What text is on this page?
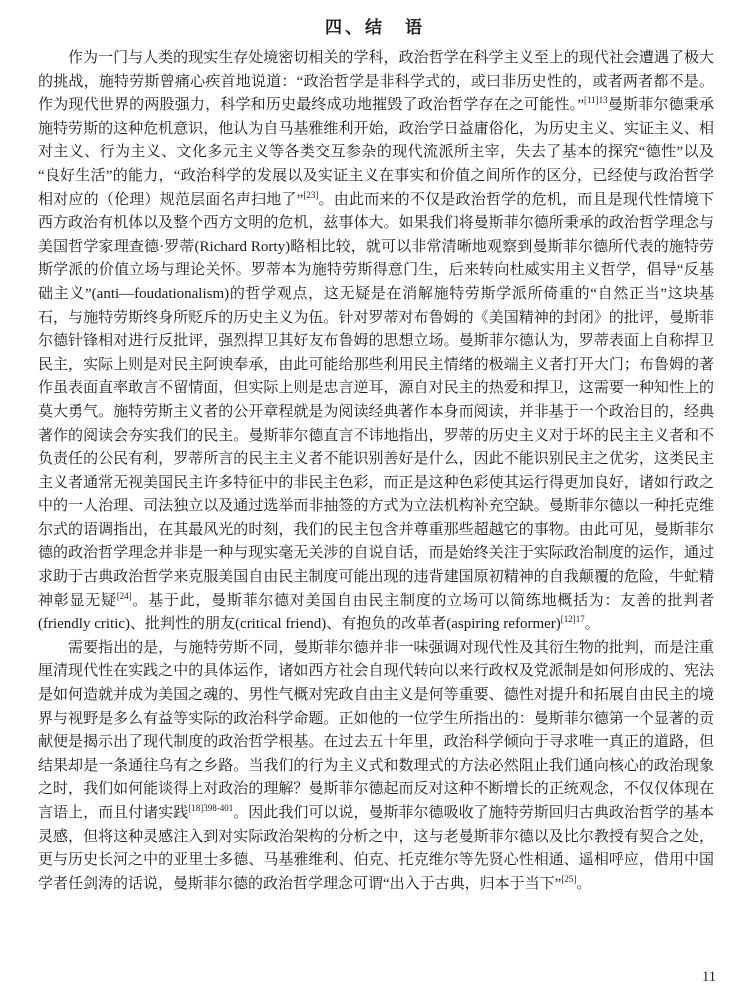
四、结　语

作为一门与人类的现实生存处境密切相关的学科，政治哲学在科学主义至上的现代社会遭遇了极大的挑战，施特劳斯曾痛心疾首地说道：“政治哲学是非科学式的，或曰非历史性的，或者两者都不是。作为现代世界的两股强力，科学和历史最终成功地摧毁了政治哲学存在之可能性。”$^{[11]13}$曼斯菲尔德秉承施特劳斯的这种危机意识，他认为自马基雅维利开始，政治学日益庸俗化，为历史主义、实证主义、相对主义、行为主义、文化多元主义等各类交互参杂的现代流派所主宰，失去了基本的探究“德性”以及“良好生活”的能力，“政治科学的发展以及实证主义在事实和价值之间所作的区分，已经使与政治哲学相对应的（伦理）规范层面名声扫地了”[23]。由此而来的不仅是政治哲学的危机，而且是现代性情境下西方政治有机体以及整个西方文明的危机，兹事体大。如果我们将曼斯菲尔德所秉承的政治哲学理念与美国哲学家理查德·罗蒂(Richard Rorty)略相比较，就可以非常清晰地观察到曼斯菲尔德所代表的施特劳斯学派的价值立场与理论关怀。罗蒂本为施特劳斯得意门生，后来转向杜威实用主义哲学，倡导“反基础主义”(anti—foudationalism)的哲学观点，这无疑是在消解施特劳斯学派所倚重的“自然正当”这块基石，与施特劳斯终身所贬斥的历史主义为伍。针对罗蒂对布鲁姆的《美国精神的封闭》的批评，曼斯菲尔德针锋相对进行反批评，强烈捍卫其好友布鲁姆的思想立场。曼斯菲尔德认为，罗蒂表面上自称捍卫民主，实际上则是对民主阿谀奉承，由此可能给那些利用民主情绪的极端主义者打开大门；布鲁姆的著作虽表面直率敢言不留情面，但实际上则是忠言逆耳，源自对民主的热爱和捍卫，这需要一种知性上的莫大勇气。施特劳斯主义者的公开章程就是为阅读经典著作本身而阅读，并非基于一个政治目的，经典著作的阅读会夯实我们的民主。曼斯菲尔德直言不讳地指出，罗蒂的历史主义对于坏的民主主义者和不负责任的公民有利，罗蒂所言的民主主义者不能识别善好是什么，因此不能识别民主之优劣，这类民主主义者通常无视美国民主许多特征中的非民主色彩，而正是这种色彩使其运行得更加良好，诸如行政之中的一人治理、司法独立以及通过选举而非抽签的方式为立法机构补充空缺。曼斯菲尔德以一种托克维尔式的语调指出，在其最风光的时刻，我们的民主包含并尊重那些超越它的事物。由此可见，曼斯菲尔德的政治哲学理念并非是一种与现实毫无关涉的自说自话，而是始终关注于实际政治制度的运作，通过求助于古典政治哲学来克服美国自由民主制度可能出现的违背建国原初精神的自我颠覆的危险，牛虻精神彰显无疑[24]。基于此，曼斯菲尔德对美国自由民主制度的立场可以简练地概括为：友善的批判者(friendly critic)、批判性的朋友(critical friend)、有抱负的改革者(aspiring reformer)$^{[12]17}$。

需要指出的是，与施特劳斯不同，曼斯菲尔德并非一味强调对现代性及其衍生物的批判，而是注重厘清现代性在实践之中的具体运作，诸如西方社会自现代转向以来行政权及党派制是如何形成的、宪法是如何造就并成为美国之魂的、男性气概对宪政自由主义是何等重要、德性对提升和拓展自由民主的境界与视野是多么有益等实际的政治科学命题。正如他的一位学生所指出的：曼斯菲尔德第一个显著的贡献便是揭示出了现代制度的政治哲学根基。在过去五十年里，政治科学倾向于寻求唯一真正的道路，但结果却是一条通往乌有之乡路。当我们的行为主义式和数理式的方法必然阻止我们通向核心的政治现象之时，我们如何能谈得上对政治的理解？曼斯菲尔德起而反对这种不断增长的正统观念，不仅仅体现在言语上，而且付诸实践$^{[18]398-401}$。因此我们可以说，曼斯菲尔德吸收了施特劳斯回归古典政治哲学的基本灵感，但将这种灵感注入到对实际政治架构的分析之中，这与老曼斯菲尔德以及比尔教授有契合之处，更与历史长河之中的亚里士多德、马基雅维利、伯克、托克维尔等先贤心性相通、遥相呼应，借用中国学者任剑涛的话说，曼斯菲尔德的政治哲学理念可谓“出入于古典，归本于当下”[25]。

11
